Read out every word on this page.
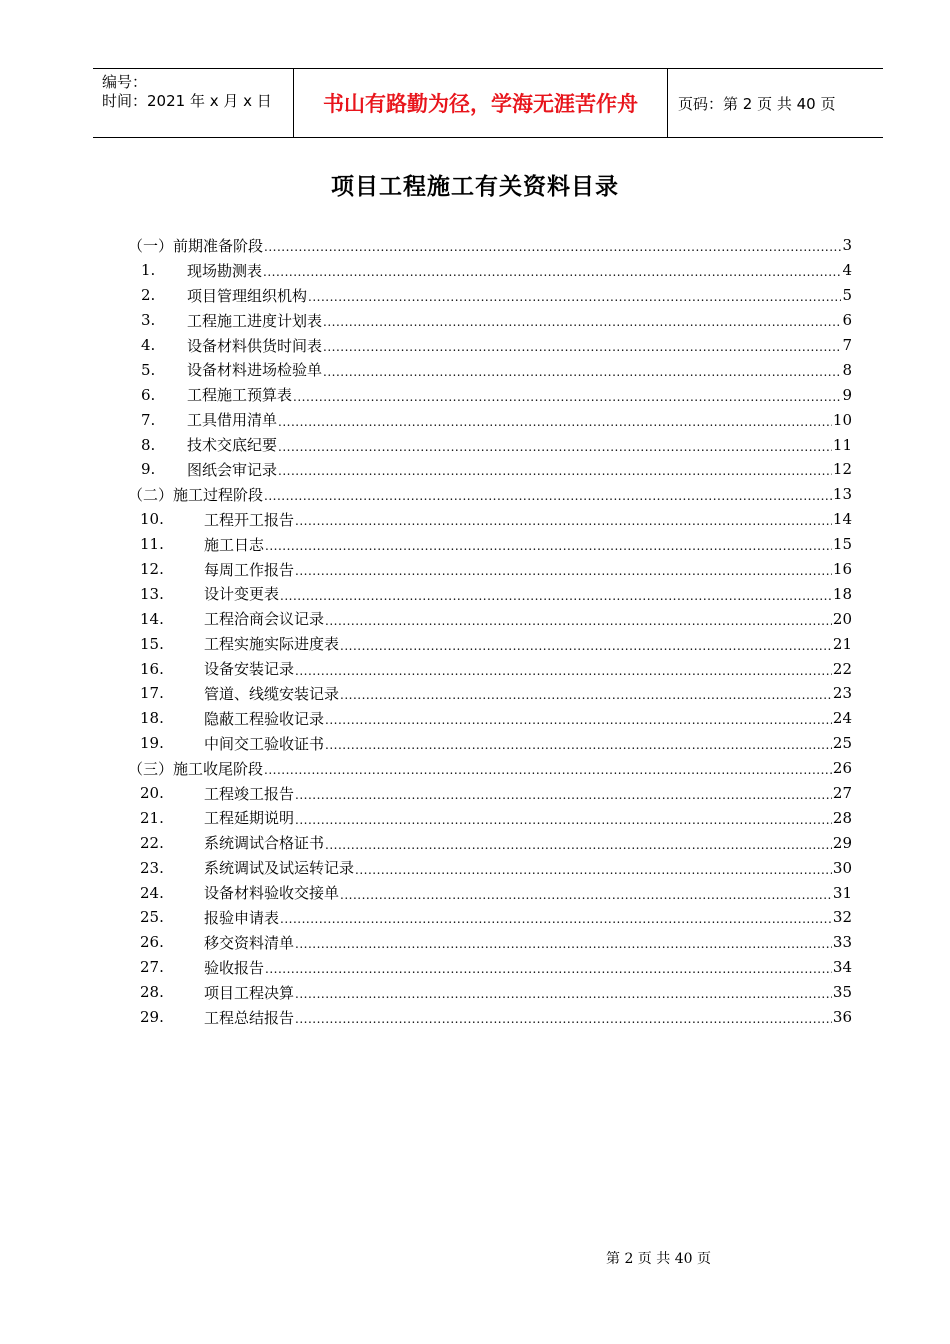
编号：
时间：2021 年 x 月 x 日	书山有路勤为径，学海无涯苦作舟	页码：第 2 页 共 40 页
项目工程施工有关资料目录
（一）前期准备阶段 .....	3
1.	现场勘测表 .....	4
2.	项目管理组织机构 .....	5
3.	工程施工进度计划表 .....	6
4.	设备材料供货时间表 .....	7
5.	设备材料进场检验单 .....	8
6.	工程施工预算表 .....	9
7.	工具借用清单 .....	10
8.	技术交底纪要 .....	11
9.	图纸会审记录 .....	12
（二）施工过程阶段 .....	13
10.	工程开工报告 .....	14
11.	施工日志 .....	15
12.	每周工作报告 .....	16
13.	设计变更表 .....	18
14.	工程洽商会议记录 .....	20
15.	工程实施实际进度表 .....	21
16.	设备安装记录 .....	22
17.	管道、线缆安装记录 .....	23
18.	隐蔽工程验收记录 .....	24
19.	中间交工验收证书 .....	25
（三）施工收尾阶段 .....	26
20.	工程竣工报告 .....	27
21.	工程延期说明 .....	28
22.	系统调试合格证书 .....	29
23.	系统调试及试运转记录 .....	30
24.	设备材料验收交接单 .....	31
25.	报验申请表 .....	32
26.	移交资料清单 .....	33
27.	验收报告 .....	34
28.	项目工程决算 .....	35
29.	工程总结报告 .....	36
第 2 页 共 40 页
